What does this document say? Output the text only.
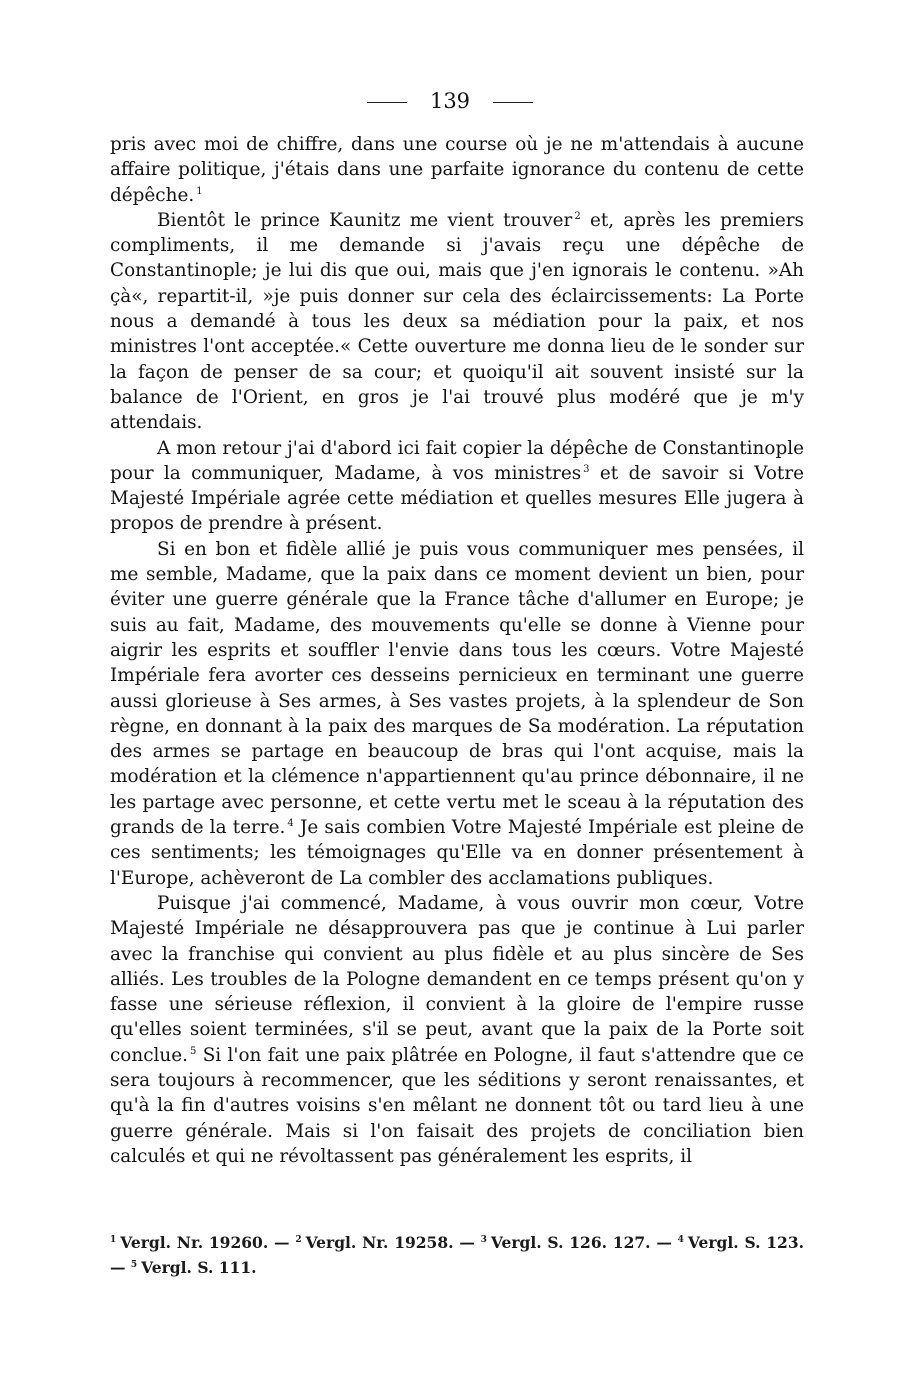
139

pris avec moi de chiffre, dans une course où je ne m'attendais à aucune affaire politique, j'étais dans une parfaite ignorance du contenu de cette dépêche. $^1$

Bientôt le prince Kaunitz me vient trouver $^2$ et, après les premiers compliments, il me demande si j'avais reçu une dépêche de Constantinople; je lui dis que oui, mais que j'en ignorais le contenu. »Ah çà«, repartit-il, »je puis donner sur cela des éclaircissements: La Porte nous a demandé à tous les deux sa médiation pour la paix, et nos ministres l'ont acceptée.« Cette ouverture me donna lieu de le sonder sur la façon de penser de sa cour; et quoiqu'il ait souvent insisté sur la balance de l'Orient, en gros je l'ai trouvé plus modéré que je m'y attendais.

A mon retour j'ai d'abord ici fait copier la dépêche de Constantinople pour la communiquer, Madame, à vos ministres $^3$ et de savoir si Votre Majesté Impériale agrée cette médiation et quelles mesures Elle jugera à propos de prendre à présent.

Si en bon et fidèle allié je puis vous communiquer mes pensées, il me semble, Madame, que la paix dans ce moment devient un bien, pour éviter une guerre générale que la France tâche d'allumer en Europe; je suis au fait, Madame, des mouvements qu'elle se donne à Vienne pour aigrir les esprits et souffler l'envie dans tous les cœurs. Votre Majesté Impériale fera avorter ces desseins pernicieux en terminant une guerre aussi glorieuse à Ses armes, à Ses vastes projets, à la splendeur de Son règne, en donnant à la paix des marques de Sa modération. La réputation des armes se partage en beaucoup de bras qui l'ont acquise, mais la modération et la clémence n'appartiennent qu'au prince débonnaire, il ne les partage avec personne, et cette vertu met le sceau à la réputation des grands de la terre. $^4$ Je sais combien Votre Majesté Impériale est pleine de ces sentiments; les témoignages qu'Elle va en donner présentement à l'Europe, achèveront de La combler des acclamations publiques.

Puisque j'ai commencé, Madame, à vous ouvrir mon cœur, Votre Majesté Impériale ne désapprouvera pas que je continue à Lui parler avec la franchise qui convient au plus fidèle et au plus sincère de Ses alliés. Les troubles de la Pologne demandent en ce temps présent qu'on y fasse une sérieuse réflexion, il convient à la gloire de l'empire russe qu'elles soient terminées, s'il se peut, avant que la paix de la Porte soit conclue. $^5$ Si l'on fait une paix plâtrée en Pologne, il faut s'attendre que ce sera toujours à recommencer, que les séditions y seront renaissantes, et qu'à la fin d'autres voisins s'en mêlant ne donnent tôt ou tard lieu à une guerre générale. Mais si l'on faisait des projets de conciliation bien calculés et qui ne révoltassent pas généralement les esprits, il

$^1$ Vergl. Nr. 19260. — $^2$ Vergl. Nr. 19258. — $^3$ Vergl. S. 126. 127. — $^4$ Vergl. S. 123. — $^5$ Vergl. S. 111.
